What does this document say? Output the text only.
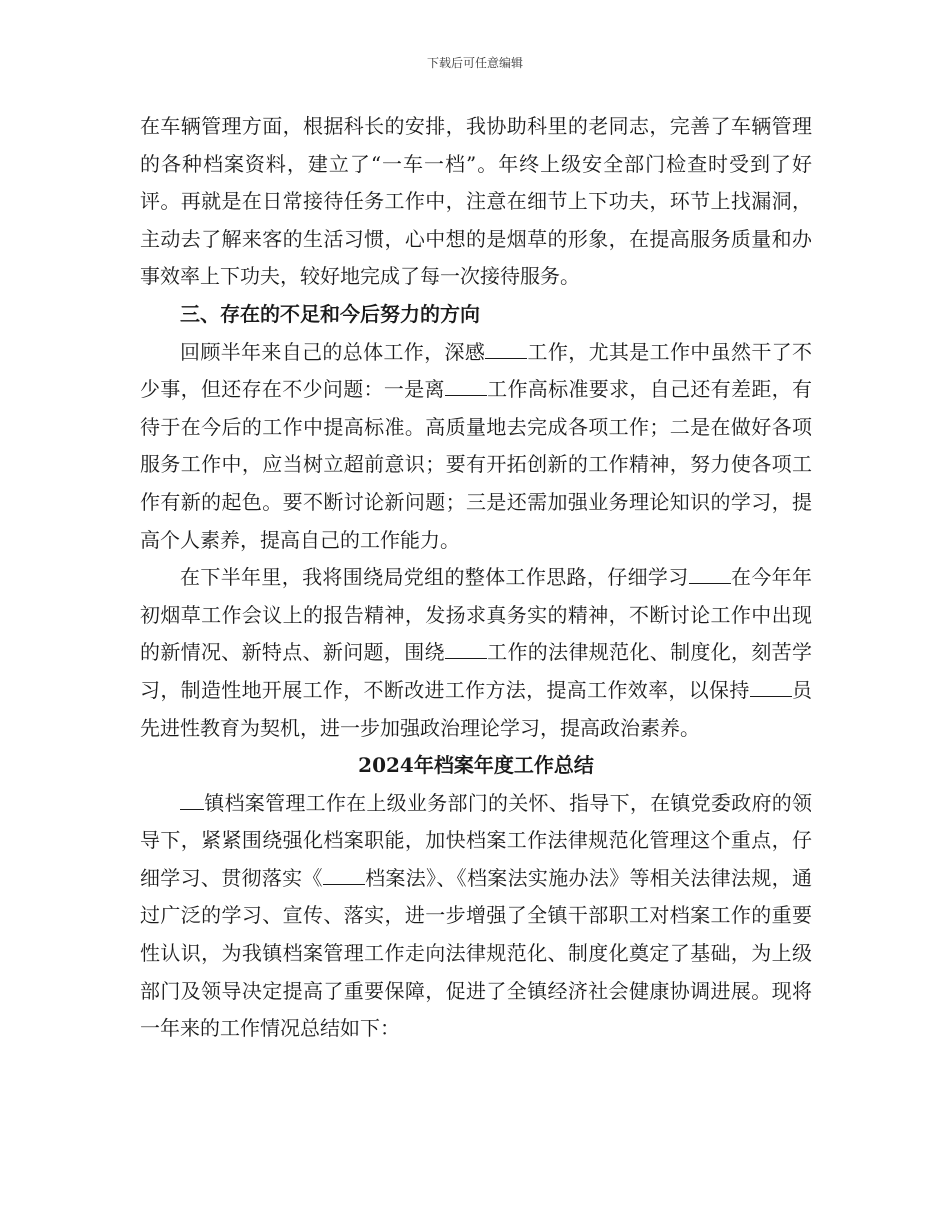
下载后可任意编辑

在车辆管理方面，根据科长的安排，我协助科里的老同志，完善了车辆管理的各种档案资料，建立了“一车一档”。年终上级安全部门检查时受到了好评。再就是在日常接待任务工作中，注意在细节上下功夫，环节上找漏洞，主动去了解来客的生活习惯，心中想的是烟草的形象，在提高服务质量和办事效率上下功夫，较好地完成了每一次接待服务。

三、存在的不足和今后努力的方向

回顾半年来自己的总体工作，深感 工作，尤其是工作中虽然干了不少事，但还存在不少问题：一是离 工作高标准要求，自己还有差距，有待于在今后的工作中提高标准。高质量地去完成各项工作；二是在做好各项服务工作中，应当树立超前意识；要有开拓创新的工作精神，努力使各项工作有新的起色。要不断讨论新问题；三是还需加强业务理论知识的学习，提高个人素养，提高自己的工作能力。

在下半年里，我将围绕局党组的整体工作思路，仔细学习 在今年年初烟草工作会议上的报告精神，发扬求真务实的精神，不断讨论工作中出现的新情况、新特点、新问题，围绕 工作的法律规范化、制度化，刻苦学习，制造性地开展工作，不断改进工作方法，提高工作效率，以保持 员先进性教育为契机，进一步加强政治理论学习，提高政治素养。

2024年档案年度工作总结

镇档案管理工作在上级业务部门的关怀、指导下，在镇党委政府的领导下，紧紧围绕强化档案职能，加快档案工作法律规范化管理这个重点，仔细学习、贯彻落实《 档案法》、《档案法实施办法》等相关法律法规，通过广泛的学习、宣传、落实，进一步增强了全镇干部职工对档案工作的重要性认识，为我镇档案管理工作走向法律规范化、制度化奠定了基础，为上级部门及领导决定提高了重要保障，促进了全镇经济社会健康协调进展。现将一年来的工作情况总结如下：
